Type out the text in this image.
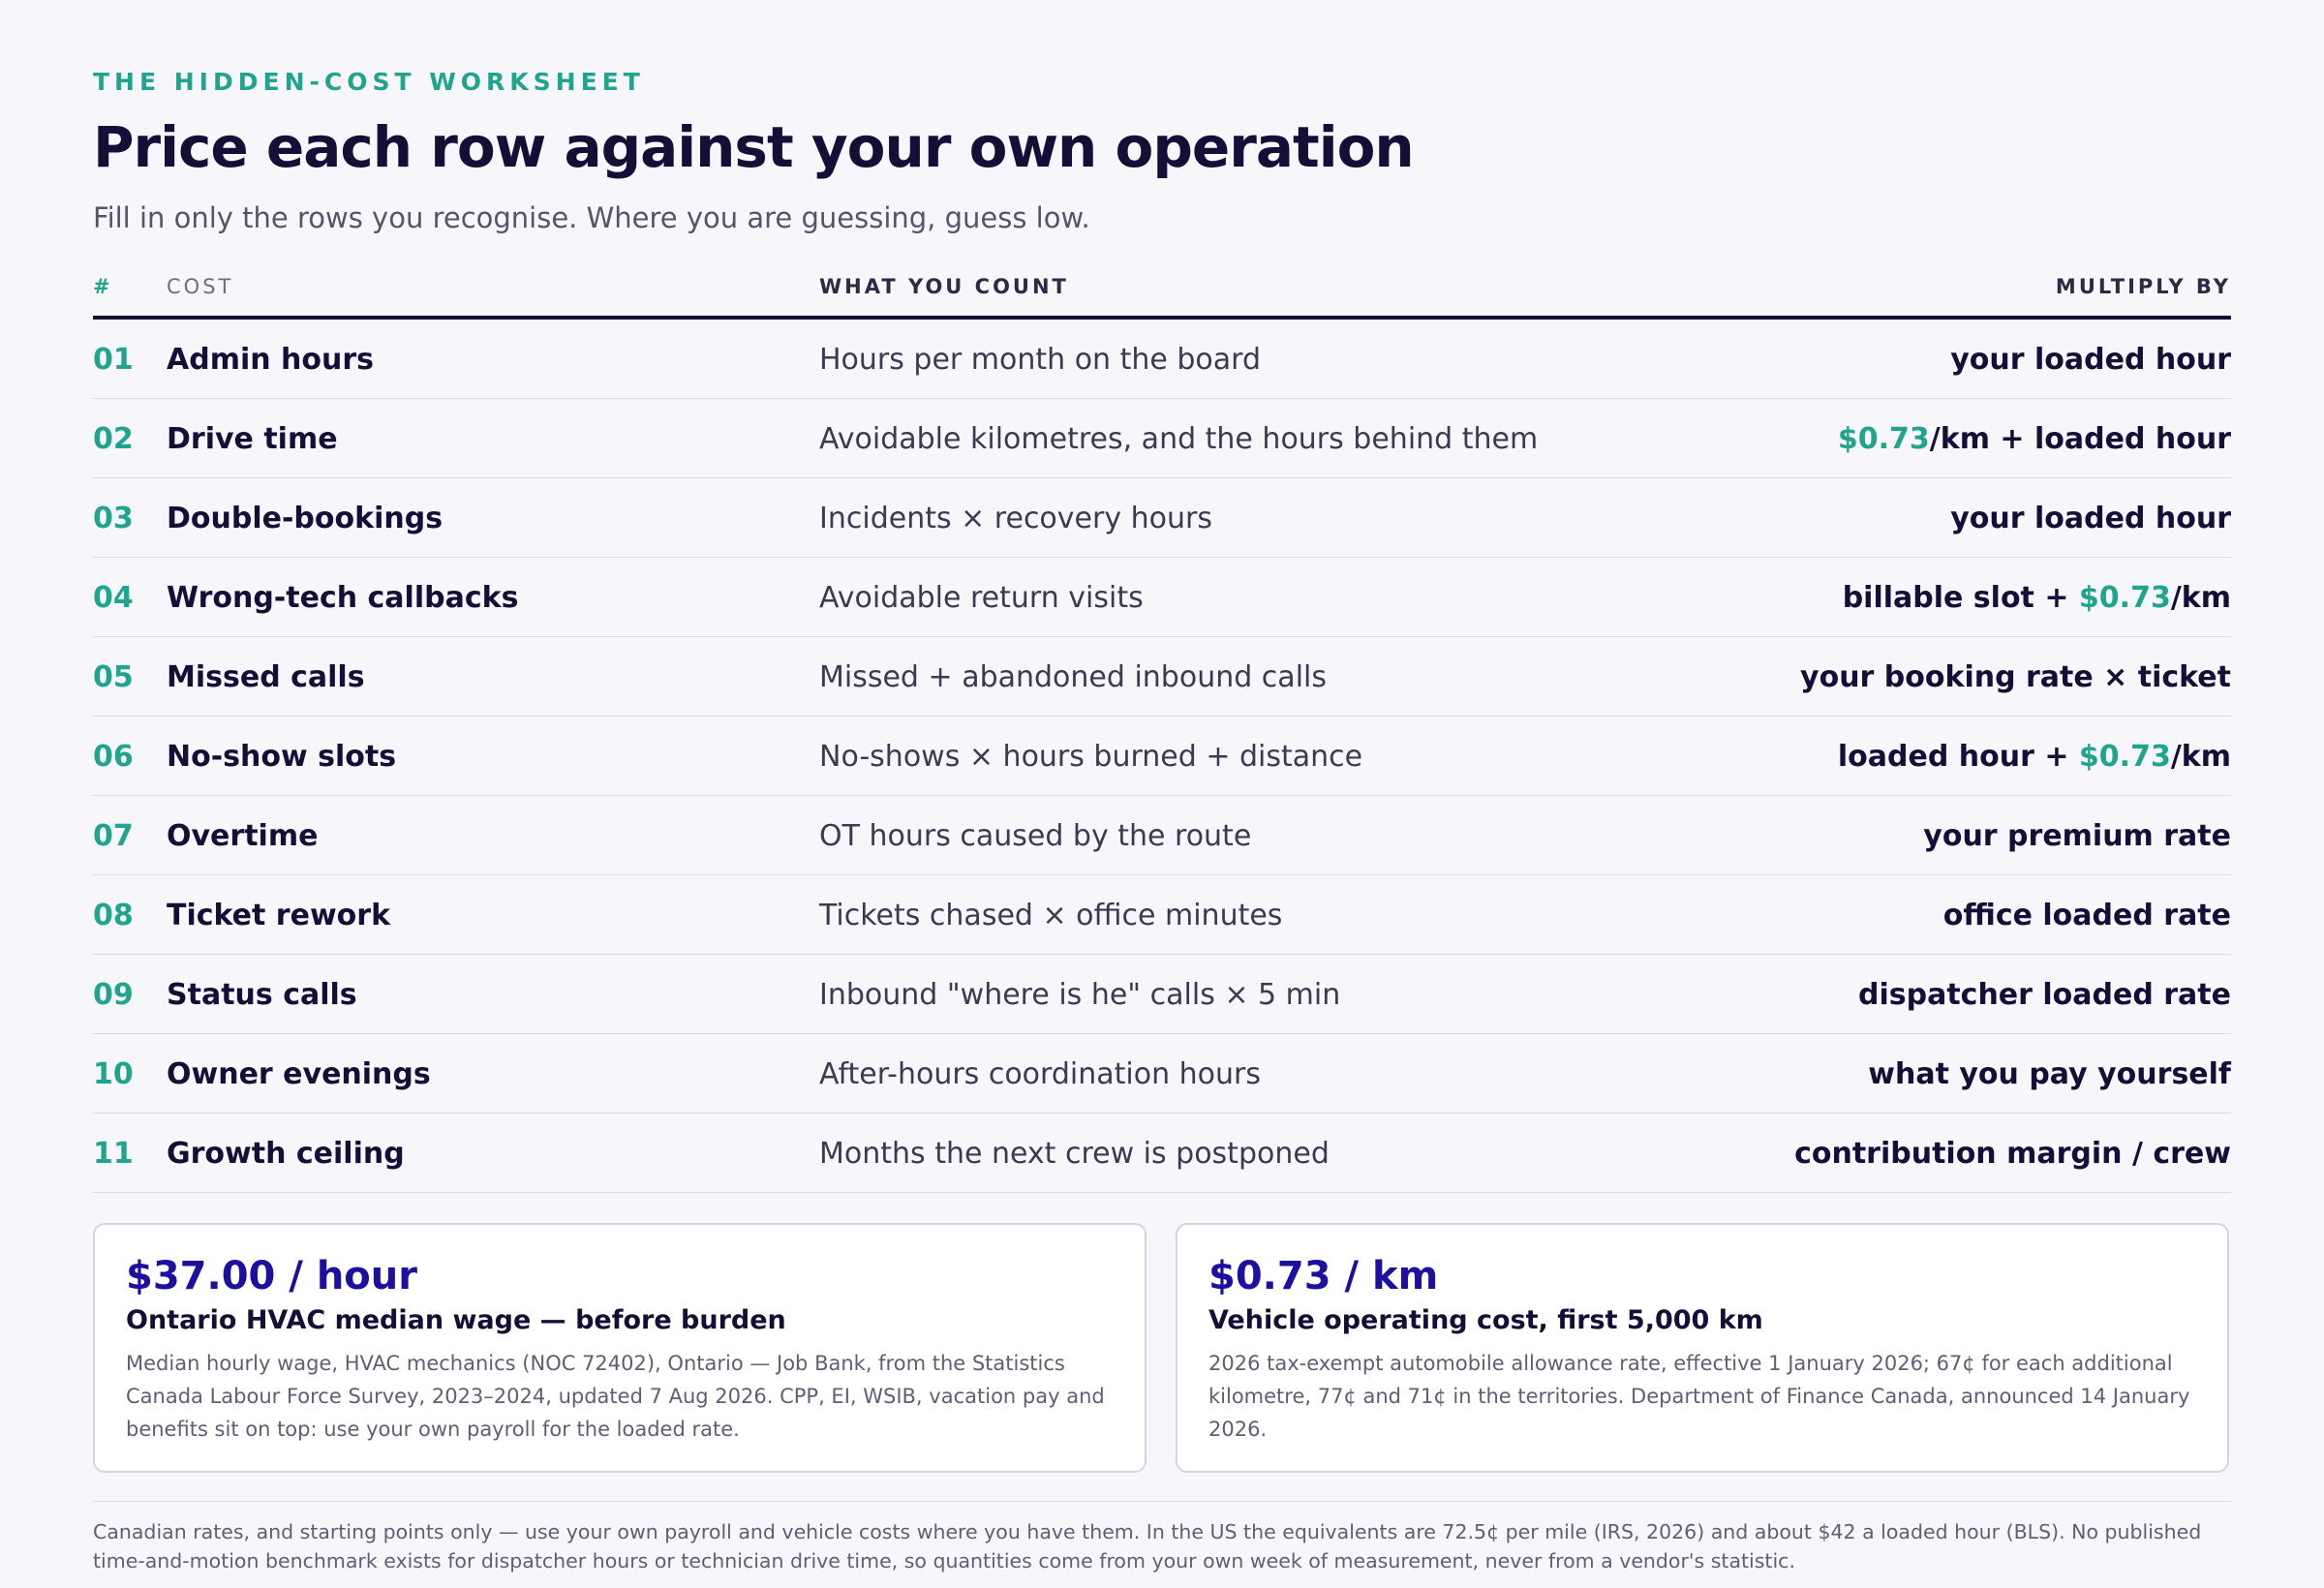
THE HIDDEN-COST WORKSHEET
Price each row against your own operation
Fill in only the rows you recognise. Where you are guessing, guess low.
#	COST	WHAT YOU COUNT	MULTIPLY BY
01 Admin hours	Hours per month on the board	your loaded hour
02 Drive time	Avoidable kilometres, and the hours behind them	$0.73/km + loaded hour
03 Double-bookings	Incidents × recovery hours	your loaded hour
04 Wrong-tech callbacks	Avoidable return visits	billable slot + $0.73/km
05 Missed calls	Missed + abandoned inbound calls	your booking rate × ticket
06 No-show slots	No-shows × hours burned + distance	loaded hour + $0.73/km
07 Overtime	OT hours caused by the route	your premium rate
08 Ticket rework	Tickets chased × office minutes	office loaded rate
09 Status calls	Inbound "where is he" calls × 5 min	dispatcher loaded rate
10 Owner evenings	After-hours coordination hours	what you pay yourself
11 Growth ceiling	Months the next crew is postponed	contribution margin / crew
$37.00 / hour
Ontario HVAC median wage — before burden
Median hourly wage, HVAC mechanics (NOC 72402), Ontario — Job Bank, from the Statistics Canada Labour Force Survey, 2023–2024, updated 7 Aug 2026. CPP, EI, WSIB, vacation pay and benefits sit on top: use your own payroll for the loaded rate.
$0.73 / km
Vehicle operating cost, first 5,000 km
2026 tax-exempt automobile allowance rate, effective 1 January 2026; 67¢ for each additional kilometre, 77¢ and 71¢ in the territories. Department of Finance Canada, announced 14 January 2026.
Canadian rates, and starting points only — use your own payroll and vehicle costs where you have them. In the US the equivalents are 72.5¢ per mile (IRS, 2026) and about $42 a loaded hour (BLS). No published time-and-motion benchmark exists for dispatcher hours or technician drive time, so quantities come from your own week of measurement, never from a vendor's statistic.
